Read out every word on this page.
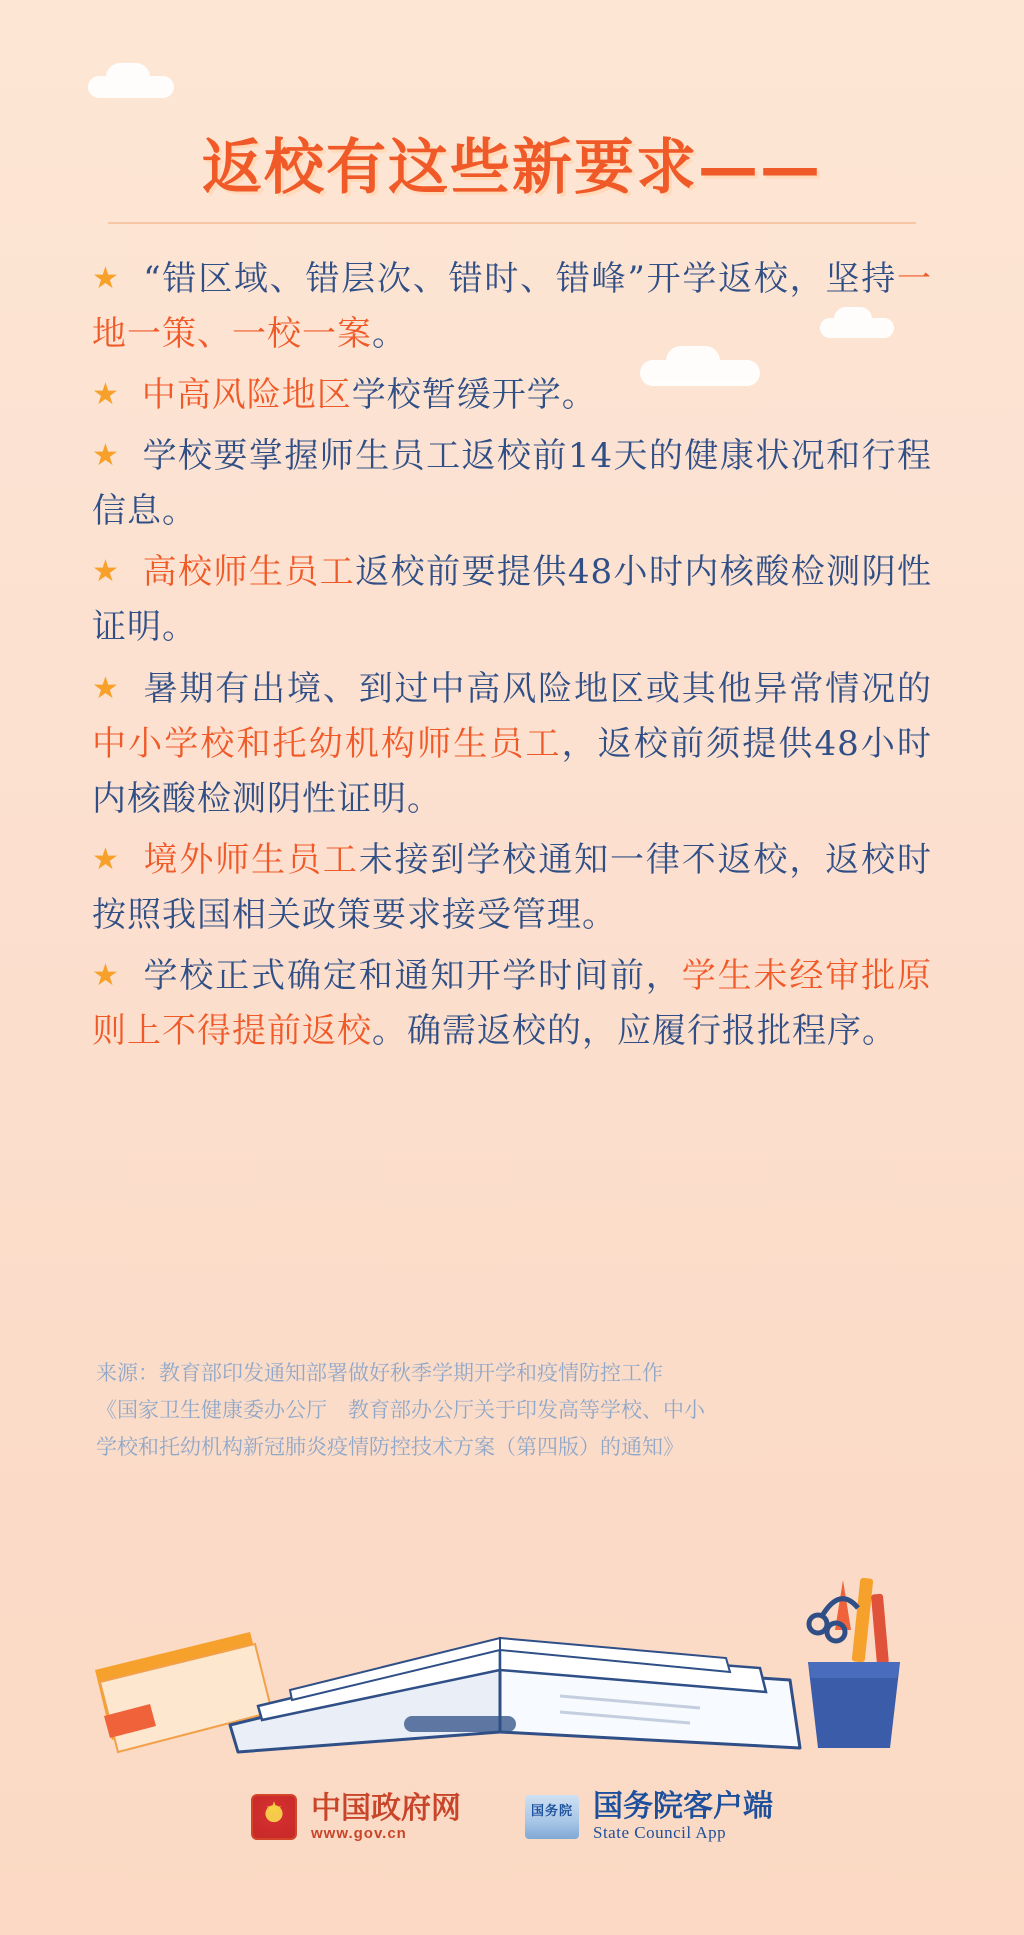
返校有这些新要求——

★ “错区域、错层次、错时、错峰”开学返校，坚持一地一策、一校一案。

★ 中高风险地区学校暂缓开学。

★ 学校要掌握师生员工返校前14天的健康状况和行程信息。

★ 高校师生员工返校前要提供48小时内核酸检测阴性证明。

★ 暑期有出境、到过中高风险地区或其他异常情况的中小学校和托幼机构师生员工，返校前须提供48小时内核酸检测阴性证明。

★ 境外师生员工未接到学校通知一律不返校，返校时按照我国相关政策要求接受管理。

★ 学校正式确定和通知开学时间前，学生未经审批原则上不得提前返校。确需返校的，应履行报批程序。

来源：教育部印发通知部署做好秋季学期开学和疫情防控工作
《国家卫生健康委办公厅　教育部办公厅关于印发高等学校、中小
学校和托幼机构新冠肺炎疫情防控技术方案（第四版）的通知》
★
中国政府网
www.gov.cn
国务院 国务院客户端
State Council App
